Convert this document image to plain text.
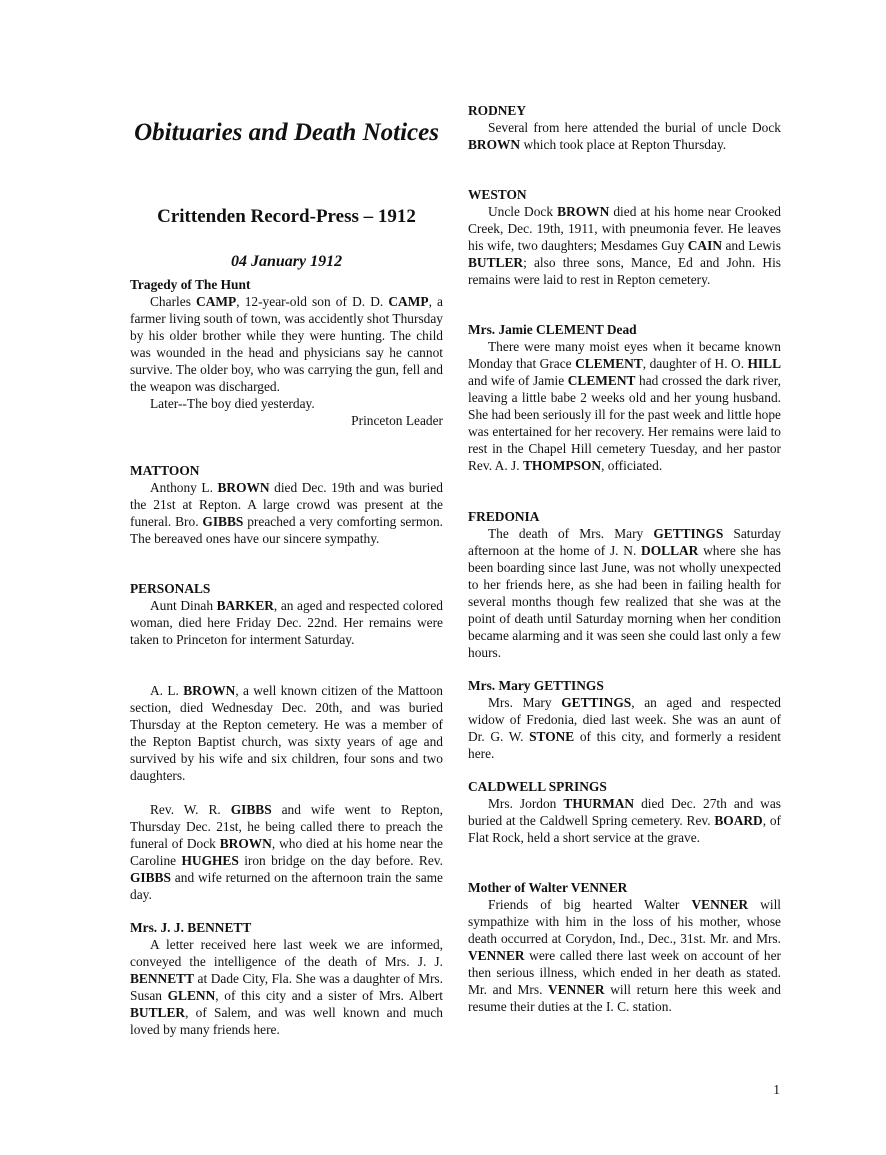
Obituaries and Death Notices
Crittenden Record-Press – 1912
04 January 1912
Tragedy of The Hunt

Charles CAMP, 12-year-old son of D. D. CAMP, a farmer living south of town, was accidently shot Thursday by his older brother while they were hunting. The child was wounded in the head and physicians say he cannot survive. The older boy, who was carrying the gun, fell and the weapon was discharged.

Later--The boy died yesterday.

Princeton Leader

MATTOON

Anthony L. BROWN died Dec. 19th and was buried the 21st at Repton. A large crowd was present at the funeral. Bro. GIBBS preached a very comforting sermon. The bereaved ones have our sincere sympathy.

PERSONALS

Aunt Dinah BARKER, an aged and respected colored woman, died here Friday Dec. 22nd. Her remains were taken to Princeton for interment Saturday.

A. L. BROWN, a well known citizen of the Mattoon section, died Wednesday Dec. 20th, and was buried Thursday at the Repton cemetery. He was a member of the Repton Baptist church, was sixty years of age and survived by his wife and six children, four sons and two daughters.

Rev. W. R. GIBBS and wife went to Repton, Thursday Dec. 21st, he being called there to preach the funeral of Dock BROWN, who died at his home near the Caroline HUGHES iron bridge on the day before. Rev. GIBBS and wife returned on the afternoon train the same day.

Mrs. J. J. BENNETT

A letter received here last week we are informed, conveyed the intelligence of the death of Mrs. J. J. BENNETT at Dade City, Fla. She was a daughter of Mrs. Susan GLENN, of this city and a sister of Mrs. Albert BUTLER, of Salem, and was well known and much loved by many friends here.

RODNEY

Several from here attended the burial of uncle Dock BROWN which took place at Repton Thursday.

WESTON

Uncle Dock BROWN died at his home near Crooked Creek, Dec. 19th, 1911, with pneumonia fever. He leaves his wife, two daughters; Mesdames Guy CAIN and Lewis BUTLER; also three sons, Mance, Ed and John. His remains were laid to rest in Repton cemetery.

Mrs. Jamie CLEMENT Dead

There were many moist eyes when it became known Monday that Grace CLEMENT, daughter of H. O. HILL and wife of Jamie CLEMENT had crossed the dark river, leaving a little babe 2 weeks old and her young husband. She had been seriously ill for the past week and little hope was entertained for her recovery. Her remains were laid to rest in the Chapel Hill cemetery Tuesday, and her pastor Rev. A. J. THOMPSON, officiated.

FREDONIA

The death of Mrs. Mary GETTINGS Saturday afternoon at the home of J. N. DOLLAR where she has been boarding since last June, was not wholly unexpected to her friends here, as she had been in failing health for several months though few realized that she was at the point of death until Saturday morning when her condition became alarming and it was seen she could last only a few hours.

Mrs. Mary GETTINGS

Mrs. Mary GETTINGS, an aged and respected widow of Fredonia, died last week. She was an aunt of Dr. G. W. STONE of this city, and formerly a resident here.

CALDWELL SPRINGS

Mrs. Jordon THURMAN died Dec. 27th and was buried at the Caldwell Spring cemetery. Rev. BOARD, of Flat Rock, held a short service at the grave.

Mother of Walter VENNER

Friends of big hearted Walter VENNER will sympathize with him in the loss of his mother, whose death occurred at Corydon, Ind., Dec., 31st. Mr. and Mrs. VENNER were called there last week on account of her then serious illness, which ended in her death as stated. Mr. and Mrs. VENNER will return here this week and resume their duties at the I. C. station.

1
